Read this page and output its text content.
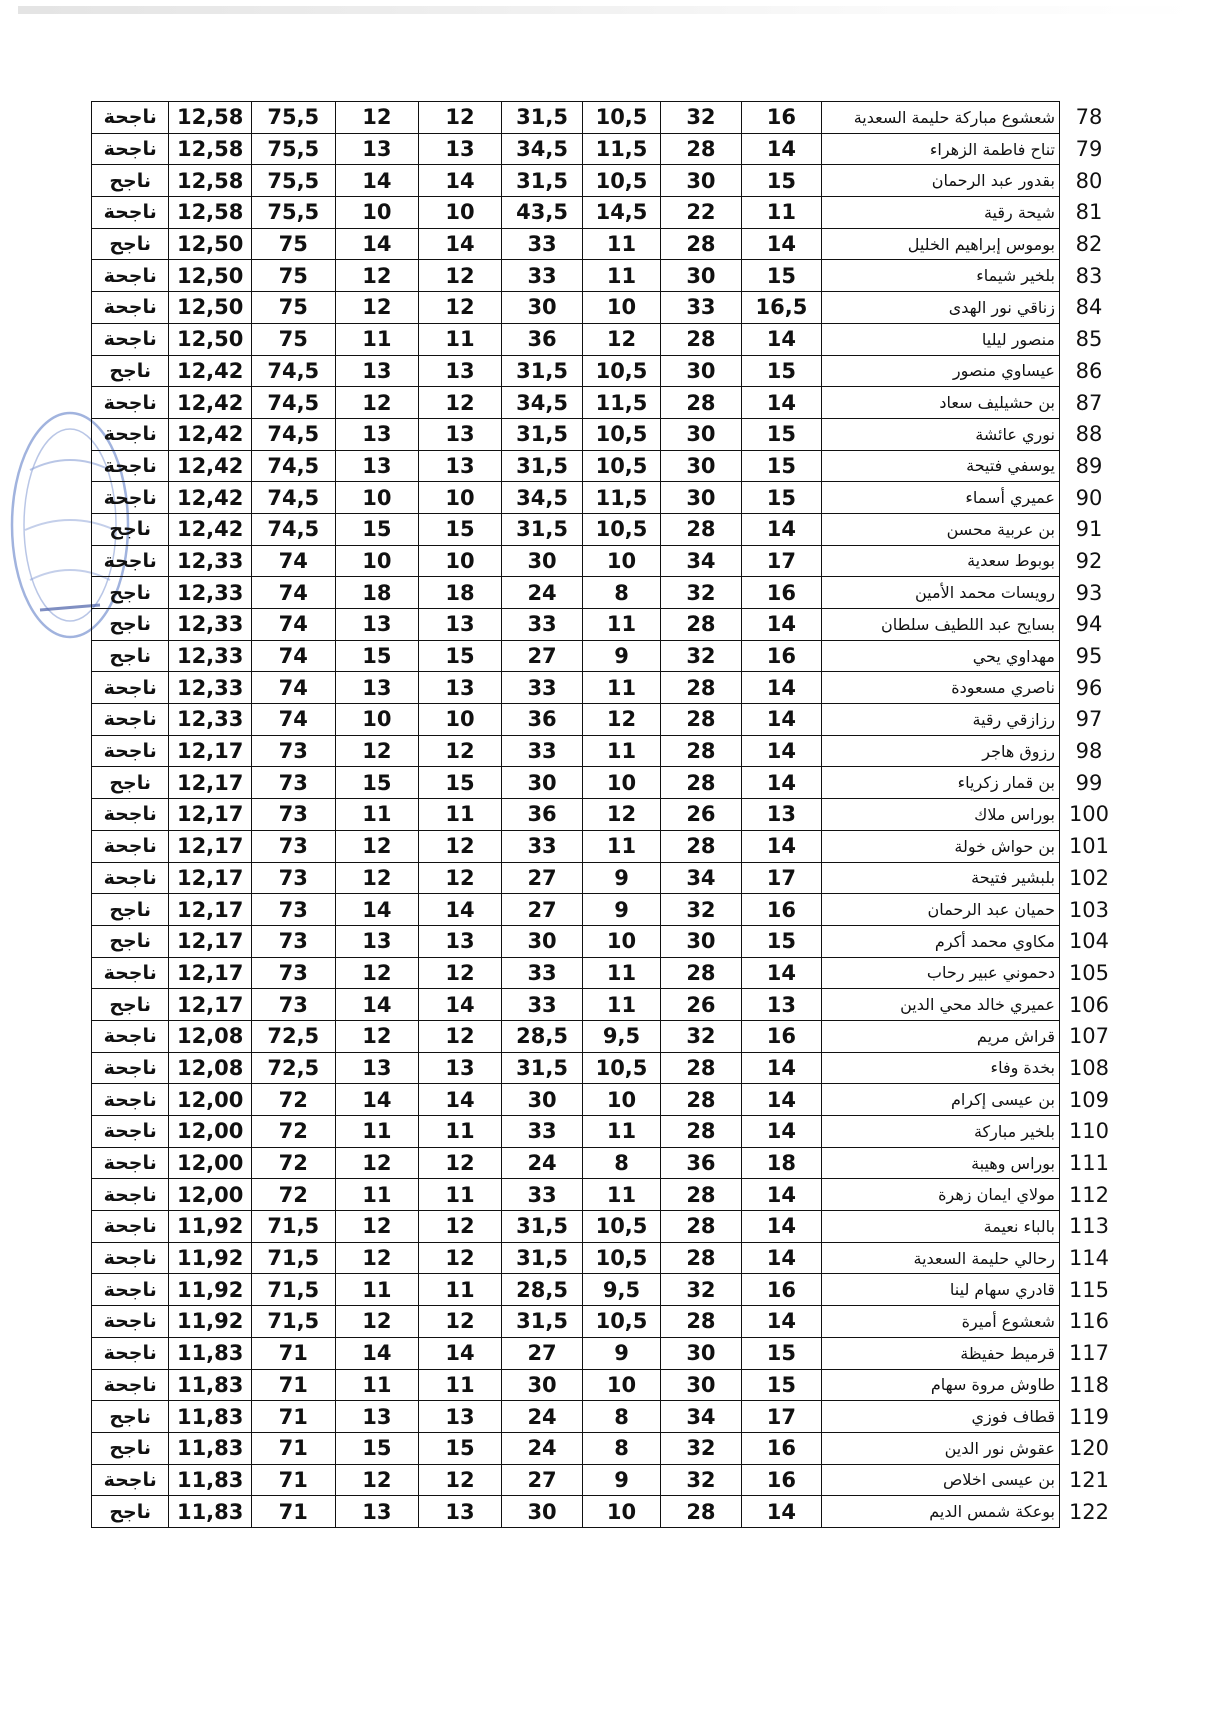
78	شعشوع مباركة حليمة السعدية	16	32	10,5	31,5	12	12	75,5	12,58	ناجحة
79	تناح فاطمة الزهراء	14	28	11,5	34,5	13	13	75,5	12,58	ناجحة
80	بقدور عبد الرحمان	15	30	10,5	31,5	14	14	75,5	12,58	ناجح
81	شيحة رقية	11	22	14,5	43,5	10	10	75,5	12,58	ناجحة
82	بوموس إبراهيم الخليل	14	28	11	33	14	14	75	12,50	ناجح
83	بلخير شيماء	15	30	11	33	12	12	75	12,50	ناجحة
84	زناقي نور الهدى	16,5	33	10	30	12	12	75	12,50	ناجحة
85	منصور ليليا	14	28	12	36	11	11	75	12,50	ناجحة
86	عيساوي منصور	15	30	10,5	31,5	13	13	74,5	12,42	ناجح
87	بن حشيليف سعاد	14	28	11,5	34,5	12	12	74,5	12,42	ناجحة
88	نوري عائشة	15	30	10,5	31,5	13	13	74,5	12,42	ناجحة
89	يوسفي فتيحة	15	30	10,5	31,5	13	13	74,5	12,42	ناجحة
90	عميري أسماء	15	30	11,5	34,5	10	10	74,5	12,42	ناجحة
91	بن عربية محسن	14	28	10,5	31,5	15	15	74,5	12,42	ناجح
92	بوبوط سعدية	17	34	10	30	10	10	74	12,33	ناجحة
93	رويسات محمد الأمين	16	32	8	24	18	18	74	12,33	ناجح
94	بسايح عبد اللطيف سلطان	14	28	11	33	13	13	74	12,33	ناجح
95	مهداوي يحي	16	32	9	27	15	15	74	12,33	ناجح
96	ناصري مسعودة	14	28	11	33	13	13	74	12,33	ناجحة
97	رزازقي رقية	14	28	12	36	10	10	74	12,33	ناجحة
98	رزوق هاجر	14	28	11	33	12	12	73	12,17	ناجحة
99	بن قمار زكرياء	14	28	10	30	15	15	73	12,17	ناجح
100	بوراس ملاك	13	26	12	36	11	11	73	12,17	ناجحة
101	بن حواش خولة	14	28	11	33	12	12	73	12,17	ناجحة
102	بلبشير فتيحة	17	34	9	27	12	12	73	12,17	ناجحة
103	حميان عبد الرحمان	16	32	9	27	14	14	73	12,17	ناجح
104	مكاوي محمد أكرم	15	30	10	30	13	13	73	12,17	ناجح
105	دحموني عبير رحاب	14	28	11	33	12	12	73	12,17	ناجحة
106	عميري خالد محي الدين	13	26	11	33	14	14	73	12,17	ناجح
107	قراش مريم	16	32	9,5	28,5	12	12	72,5	12,08	ناجحة
108	بخدة وفاء	14	28	10,5	31,5	13	13	72,5	12,08	ناجحة
109	بن عيسى إكرام	14	28	10	30	14	14	72	12,00	ناجحة
110	بلخير مباركة	14	28	11	33	11	11	72	12,00	ناجحة
111	بوراس وهيبة	18	36	8	24	12	12	72	12,00	ناجحة
112	مولاي ايمان زهرة	14	28	11	33	11	11	72	12,00	ناجحة
113	بالباء نعيمة	14	28	10,5	31,5	12	12	71,5	11,92	ناجحة
114	رحالي حليمة السعدية	14	28	10,5	31,5	12	12	71,5	11,92	ناجحة
115	قادري سهام لينا	16	32	9,5	28,5	11	11	71,5	11,92	ناجحة
116	شعشوع أميرة	14	28	10,5	31,5	12	12	71,5	11,92	ناجحة
117	قرميط حفيظة	15	30	9	27	14	14	71	11,83	ناجحة
118	طاوش مروة سهام	15	30	10	30	11	11	71	11,83	ناجحة
119	قطاف فوزي	17	34	8	24	13	13	71	11,83	ناجح
120	عقوش نور الدين	16	32	8	24	15	15	71	11,83	ناجح
121	بن عيسى اخلاص	16	32	9	27	12	12	71	11,83	ناجحة
122	بوعكة شمس الديم	14	28	10	30	13	13	71	11,83	ناجح
